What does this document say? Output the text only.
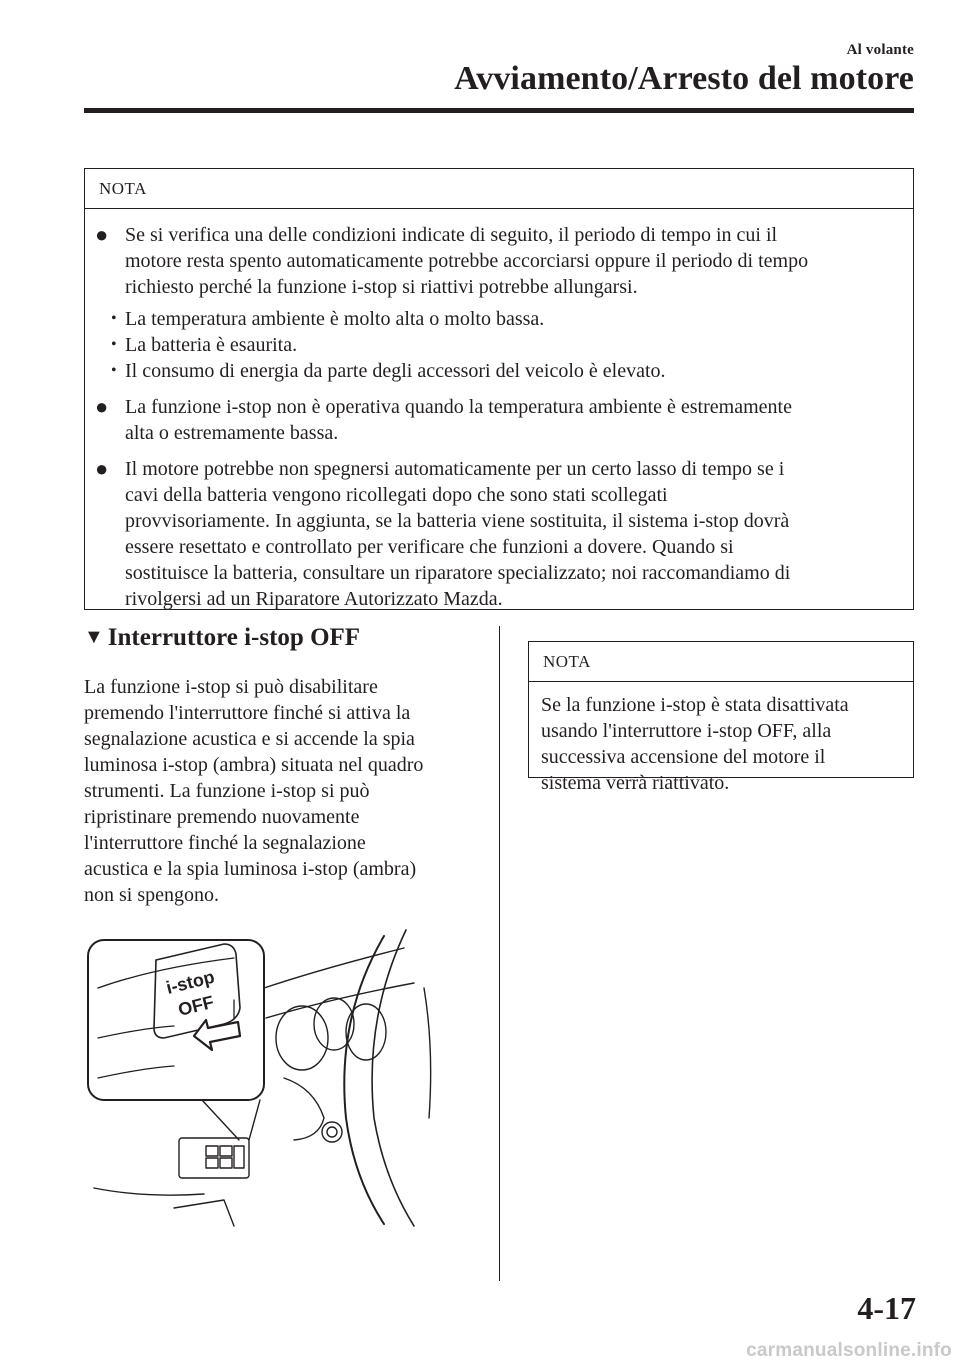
Al volante
Avviamento/Arresto del motore
NOTA
● Se si verifica una delle condizioni indicate di seguito, il periodo di tempo in cui il
motore resta spento automaticamente potrebbe accorciarsi oppure il periodo di tempo
richiesto perché la funzione i-stop si riattivi potrebbe allungarsi.
• La temperatura ambiente è molto alta o molto bassa.
• La batteria è esaurita.
• Il consumo di energia da parte degli accessori del veicolo è elevato.
● La funzione i-stop non è operativa quando la temperatura ambiente è estremamente
alta o estremamente bassa.
● Il motore potrebbe non spegnersi automaticamente per un certo lasso di tempo se i
cavi della batteria vengono ricollegati dopo che sono stati scollegati
provvisoriamente. In aggiunta, se la batteria viene sostituita, il sistema i-stop dovrà
essere resettato e controllato per verificare che funzioni a dovere. Quando si
sostituisce la batteria, consultare un riparatore specializzato; noi raccomandiamo di
rivolgersi ad un Riparatore Autorizzato Mazda.
▼ Interruttore i-stop OFF
La funzione i-stop si può disabilitare
premendo l'interruttore finché si attiva la
segnalazione acustica e si accende la spia
luminosa i-stop (ambra) situata nel quadro
strumenti. La funzione i-stop si può
ripristinare premendo nuovamente
l'interruttore finché la segnalazione
acustica e la spia luminosa i-stop (ambra)
non si spengono.
NOTA
Se la funzione i-stop è stata disattivata
usando l'interruttore i-stop OFF, alla
successiva accensione del motore il
sistema verrà riattivato.
i-stop
OFF
4-17
carmanualsonline.info
